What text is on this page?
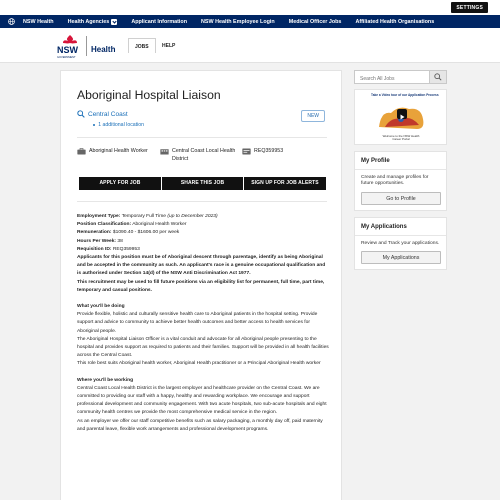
SETTINGS
NSW Health	Health Agencies	Applicant Information	NSW Health Employee Login	Medical Officer Jobs	Affiliated Health Organisations
NSW
GOVERNMENT
Health	JOBS	HELP
Aboriginal Hospital Liaison
Central Coast
1 additional location
NEW
Aboriginal Health Worker	Central Coast Local Health District
REQ359953
APPLY FOR JOB	SHARE THIS JOB	SIGN UP FOR JOB ALERTS

Employment Type: Temporary Full Time (up to December 2023)

Position Classification: Aboriginal Health Worker

Remuneration: $1090.40 - $1606.00 per week

Hours Per Week: 38

Requisition ID: REQ359953

Applicants for this position must be of Aboriginal descent through parentage, identify as being Aboriginal and be accepted in the community as such. An applicant's race is a genuine occupational qualification and is authorised under Section 14(d) of the NSW Anti Discrimination Act 1977.

This recruitment may be used to fill future positions via an eligibility list for permanent, full time, part time, temporary and casual positions.

What you'll be doing

Provide flexible, holistic and culturally sensitive health care to Aboriginal patients in the hospital setting. Provide support and advice to community to achieve better health outcomes and better access to health services for Aboriginal people.

The Aboriginal Hospital Liaison Officer is a vital conduit and advocate for all Aboriginal people presenting to the hospital and provides support as required to patients and their families. Support will be provided in all health facilities across the Central Coast.

This role best suits Aboriginal health worker, Aboriginal Health practitioner or a Principal Aboriginal Health worker

Where you'll be working

Central Coast Local Health District is the largest employer and healthcare provider on the Central Coast. We are committed to providing our staff with a happy, healthy and rewarding workplace. We encourage and support professional development and community engagement. With two acute hospitals, two sub-acute hospitals and eight community health centres we provide the most comprehensive medical service in the region.

As an employer we offer our staff competitive benefits such as salary packaging, a monthly day off, paid maternity and parental leave, flexible work arrangements and professional development programs.

Search All Jobs
Take a Video tour of our Application Process
Welcome to the NSW Health Career Portal
My Profile
Create and manage profiles for future opportunities.
Go to Profile
My Applications
Review and Track your applications.
My Applications
